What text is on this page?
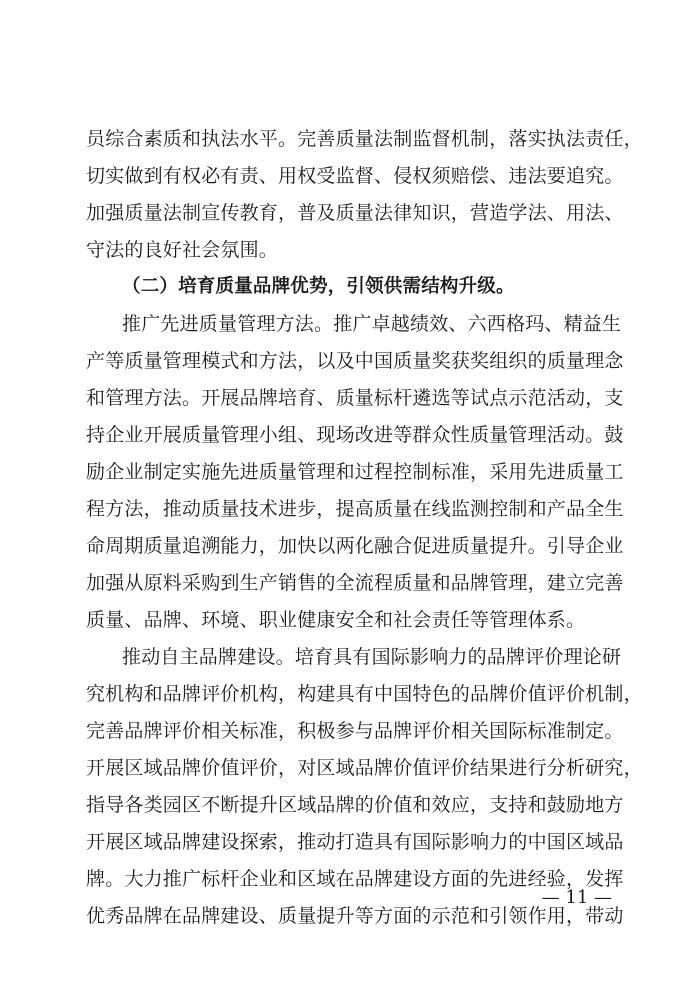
员综合素质和执法水平。完善质量法制监督机制，落实执法责任，
切实做到有权必有责、用权受监督、侵权须赔偿、违法要追究。
加强质量法制宣传教育，普及质量法律知识，营造学法、用法、
守法的良好社会氛围。
（二）培育质量品牌优势，引领供需结构升级。
推广先进质量管理方法。推广卓越绩效、六西格玛、精益生
产等质量管理模式和方法，以及中国质量奖获奖组织的质量理念
和管理方法。开展品牌培育、质量标杆遴选等试点示范活动，支
持企业开展质量管理小组、现场改进等群众性质量管理活动。鼓
励企业制定实施先进质量管理和过程控制标准，采用先进质量工
程方法，推动质量技术进步，提高质量在线监测控制和产品全生
命周期质量追溯能力，加快以两化融合促进质量提升。引导企业
加强从原料采购到生产销售的全流程质量和品牌管理，建立完善
质量、品牌、环境、职业健康安全和社会责任等管理体系。
推动自主品牌建设。培育具有国际影响力的品牌评价理论研
究机构和品牌评价机构，构建具有中国特色的品牌价值评价机制，
完善品牌评价相关标准，积极参与品牌评价相关国际标准制定。
开展区域品牌价值评价，对区域品牌价值评价结果进行分析研究，
指导各类园区不断提升区域品牌的价值和效应，支持和鼓励地方
开展区域品牌建设探索，推动打造具有国际影响力的中国区域品
牌。大力推广标杆企业和区域在品牌建设方面的先进经验，发挥
优秀品牌在品牌建设、质量提升等方面的示范和引领作用，带动
— 11 —
